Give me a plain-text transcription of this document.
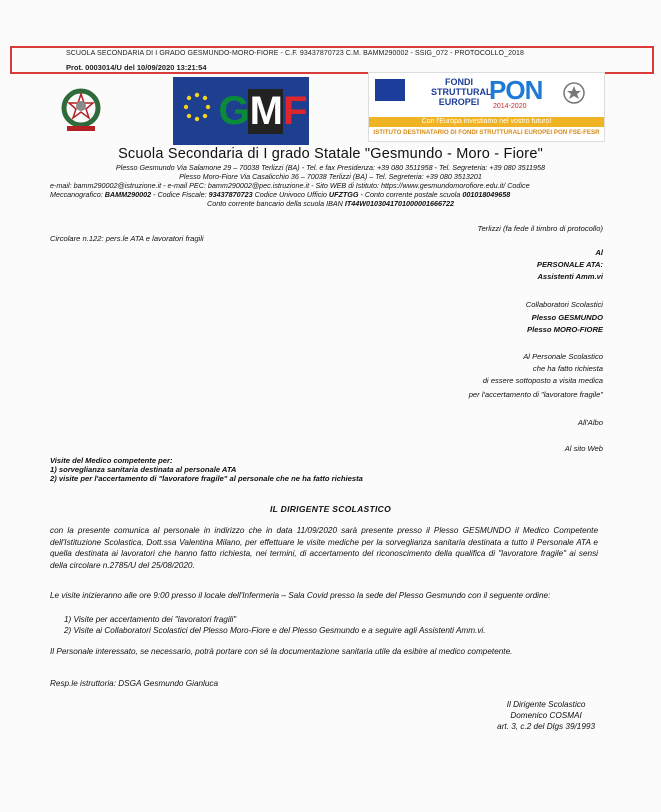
SCUOLA SECONDARIA DI I GRADO GESMUNDO-MORO-FIORE - C.F. 93437870723 C.M. BAMM290002 - SSIG_072 - PROTOCOLLO_2018
Prot. 0003014/U del 10/09/2020 13:21:54
G M F
FONDI STRUTTURALI EUROPEI PON
2014-2020
Con l'Europa investiamo nel vostro futuro!
ISTITUTO DESTINATARIO DI FONDI STRUTTURALI EUROPEI PON FSE-FESR
Scuola Secondaria di I grado Statale "Gesmundo - Moro - Fiore"
Plesso Gesmundo Via Salamone 29 – 70038 Terlizzi (BA) - Tel. e fax Presidenza: +39 080 3511958 - Tel. Segreteria: +39 080 3511958
Plesso Moro-Fiore Via Casalicchio 36 – 70038 Terlizzi (BA) – Tel. Segreteria: +39 080 3513201
e-mail: bamm290002@istruzione.it - e-mail PEC: bamm290002@pec.istruzione.it - Sito WEB di Istituto: https://www.gesmundomorofiore.edu.it/ Codice
Meccanografico: BAMM290002 - Codice Fiscale: 93437870723 Codice Univoco Ufficio UFZTGG - Conto corrente postale scuola 001018049658
Conto corrente bancario della scuola IBAN IT44W0103041701000001666722
Terlizzi (fa fede il timbro di protocollo)
Circolare n.122: pers.le ATA e lavoratori fragili
Al
PERSONALE ATA:
Assistenti Amm.vi
Collaboratori Scolastici
Plesso GESMUNDO
Plesso MORO-FIORE
Al Personale Scolastico
che ha fatto richiesta
di essere sottoposto a visita medica
per l'accertamento di "lavoratore fragile"
All'Albo
Al sito Web
Visite del Medico competente per:
1) sorveglianza sanitaria destinata al personale ATA
2) visite per l'accertamento di "lavoratore fragile" al personale che ne ha fatto richiesta
IL DIRIGENTE SCOLASTICO
con la presente comunica al personale in indirizzo che in data 11/09/2020 sarà presente presso il Plesso GESMUNDO il Medico Competente dell'Istituzione Scolastica, Dott.ssa Valentina Milano, per effettuare le visite mediche per la sorveglianza sanitaria destinata a tutto il Personale ATA e quella destinata ai lavoratori che hanno fatto richiesta, nei termini, di accertamento del riconoscimento della qualifica di "lavoratore fragile" ai sensi della circolare n.2785/U del 25/08/2020.
Le visite inizieranno alle ore 9:00 presso il locale dell'Infermeria – Sala Covid presso la sede del Plesso Gesmundo con il seguente ordine:
1) Visite per accertamento dei "lavoratori fragili"
2) Visite ai Collaboratori Scolastici del Plesso Moro-Fiore e del Plesso Gesmundo e a seguire agli Assistenti Amm.vi.
Il Personale interessato, se necessario, potrà portare con sé la documentazione sanitaria utile da esibire al medico competente.
Resp.le istruttoria: DSGA Gesmundo Gianluca
Il Dirigente Scolastico
Domenico COSMAI
art. 3, c.2 del Dlgs 39/1993
